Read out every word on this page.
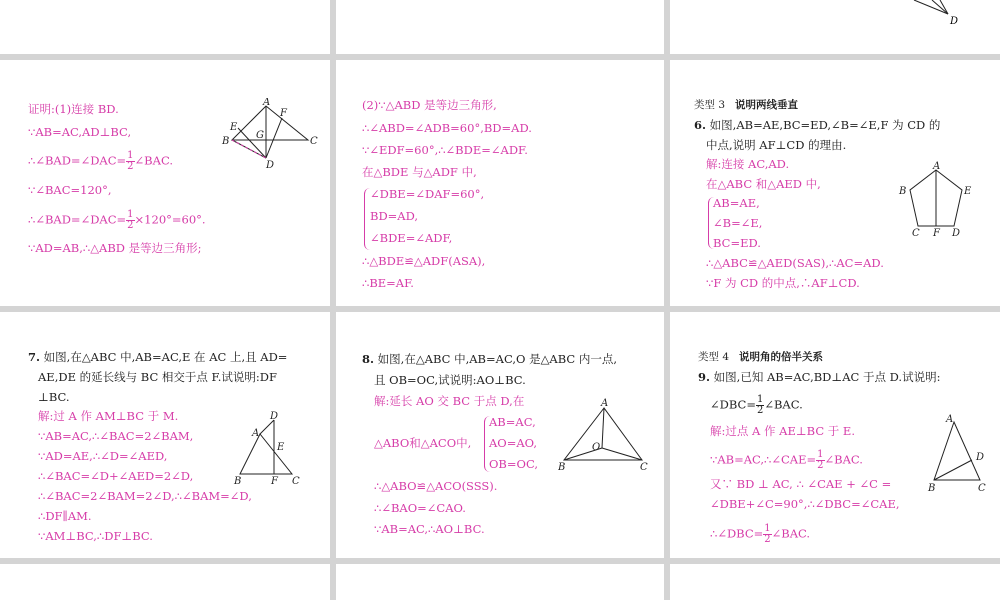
D
证明:(1)连接 BD.
∵AB=AC,AD⊥BC,
∴∠BAD=∠DAC= $\frac{1}{2}$ ∠BAC.
∵∠BAC=120°,
∴∠BAD=∠DAC= $\frac{1}{2} \times 120^\circ=60^\circ$.
∵AD=AB,∴△ABD 是等边三角形;
A
B	C
D
E
F
G
(2)∵△ABD 是等边三角形,
∴∠ABD=∠ADB=60°,BD=AD.
∵∠EDF=60°,∴∠BDE=∠ADF.
在△BDE 与△ADF 中,
∠DBE=∠DAF=60°,
BD=AD,
∠BDE=∠ADF,
∴△BDE≌△ADF(ASA),
∴BE=AF.
类型 3 说明两线垂直
6. 如图,AB=AE,BC=ED,∠B=∠E,F 为 CD 的
中点,说明 AF⊥CD 的理由.
解:连接 AC,AD.
在△ABC 和△AED 中,
AB=AE,
∠B=∠E,
BC=ED.
∴△ABC≌△AED(SAS),∴AC=AD.
∵F 为 CD 的中点,∴AF⊥CD.
A
B
C F D
E
7. 如图,在△ABC 中,AB=AC,E 在 AC 上,且 AD=
AE,DE 的延长线与 BC 相交于点 F.试说明:DF
⊥BC.
解:过 A 作 AM⊥BC 于 M.
∵AB=AC,∴∠BAC=2∠BAM,
∵AD=AE,∴∠D=∠AED,
∴∠BAC=∠D+∠AED=2∠D,
∴∠BAC=2∠BAM=2∠D,∴∠BAM=∠D,
∴DF∥AM.
∵AM⊥BC,∴DF⊥BC.
D
A
E
B	F C
8. 如图,在△ABC 中,AB=AC,O 是△ABC 内一点,
且 OB=OC,试说明:AO⊥BC.
解:延长 AO 交 BC 于点 D,在
△ABO和△ACO中,
AB=AC,
AO=AO,
OB=OC,
∴△ABO≌△ACO(SSS).
∴∠BAO=∠CAO.
∵AB=AC,∴AO⊥BC.
A
B	C
O
类型 4 说明角的倍半关系
9. 如图,已知 AB=AC,BD⊥AC 于点 D.试说明:
∠DBC= $\frac{1}{2}$ ∠BAC.
解:过点 A 作 AE⊥BC 于 E.
∵AB=AC,∴∠CAE= $\frac{1}{2}$ ∠BAC.
又∵ BD ⊥ AC, ∴ ∠CAE + ∠C =
∠DBE+∠C=90°,∴∠DBC=∠CAE,
∴∠DBC= $\frac{1}{2}$ ∠BAC.
A
B	C
D
